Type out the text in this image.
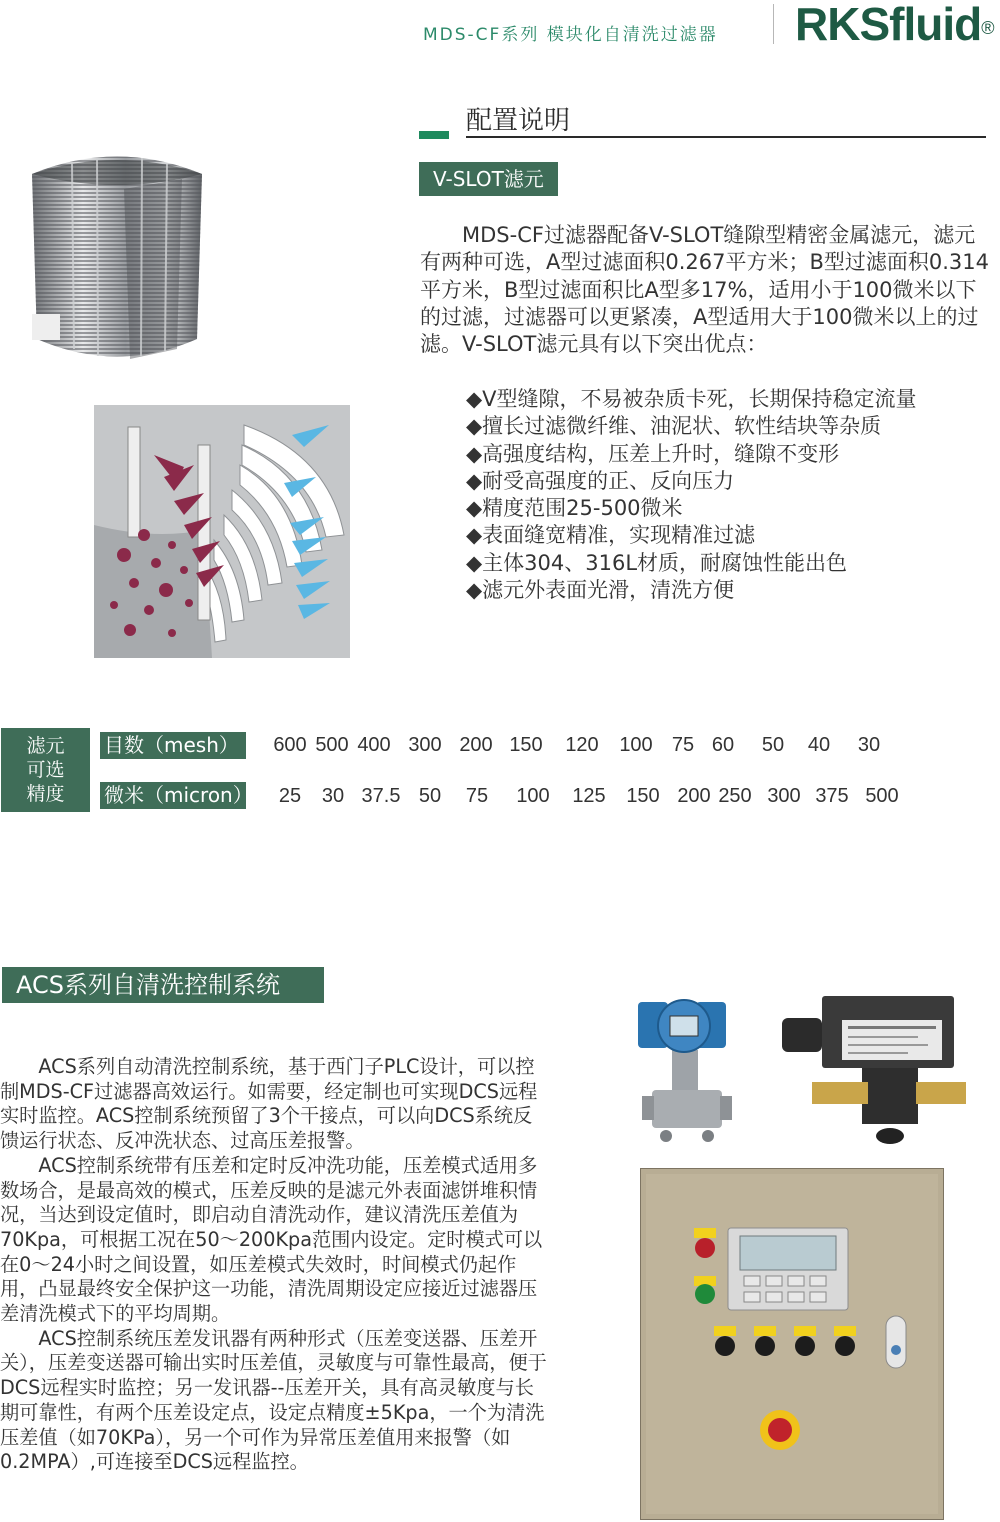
MDS-CF系列 模块化自清洗过滤器 RKSfluid®
配置说明
V-SLOT滤元

MDS-CF过滤器配备V-SLOT缝隙型精密金属滤元，滤元有两种可选，A型过滤面积0.267平方米；B型过滤面积0.314平方米，B型过滤面积比A型多17%，适用小于100微米以下的过滤，过滤器可以更紧凑，A型适用大于100微米以上的过滤。V-SLOT滤元具有以下突出优点：

◆ V型缝隙，不易被杂质卡死，长期保持稳定流量
◆ 擅长过滤微纤维、油泥状、软性结块等杂质
◆ 高强度结构，压差上升时，缝隙不变形
◆ 耐受高强度的正、反向压力
◆ 精度范围25-500微米
◆ 表面缝宽精准，实现精准过滤
◆ 主体304、316L材质，耐腐蚀性能出色
◆ 滤元外表面光滑，清洗方便
滤元
可选
精度
目数（mesh）
微米（micron）
600 500 400 300 200 150 120 100 75 60 50 40 30
25 30 37.5 50 75 100 125 150 200 250 300 375 500
ACS系列自清洗控制系统

ACS系列自动清洗控制系统，基于西门子PLC设计，可以控制MDS-CF过滤器高效运行。如需要，经定制也可实现DCS远程实时监控。ACS控制系统预留了3个干接点，可以向DCS系统反馈运行状态、反冲洗状态、过高压差报警。

ACS控制系统带有压差和定时反冲洗功能，压差模式适用多数场合，是最高效的模式，压差反映的是滤元外表面滤饼堆积情况，当达到设定值时，即启动自清洗动作，建议清洗压差值为70Kpa，可根据工况在50～200Kpa范围内设定。定时模式可以在0～24小时之间设置，如压差模式失效时，时间模式仍起作用，凸显最终安全保护这一功能，清洗周期设定应接近过滤器压差清洗模式下的平均周期。

ACS控制系统压差发讯器有两种形式（压差变送器、压差开关），压差变送器可输出实时压差值，灵敏度与可靠性最高，便于DCS远程实时监控；另一发讯器--压差开关，具有高灵敏度与长期可靠性，有两个压差设定点，设定点精度±5Kpa，一个为清洗压差值（如70KPa），另一个可作为异常压差值用来报警（如0.2MPA）,可连接至DCS远程监控。
